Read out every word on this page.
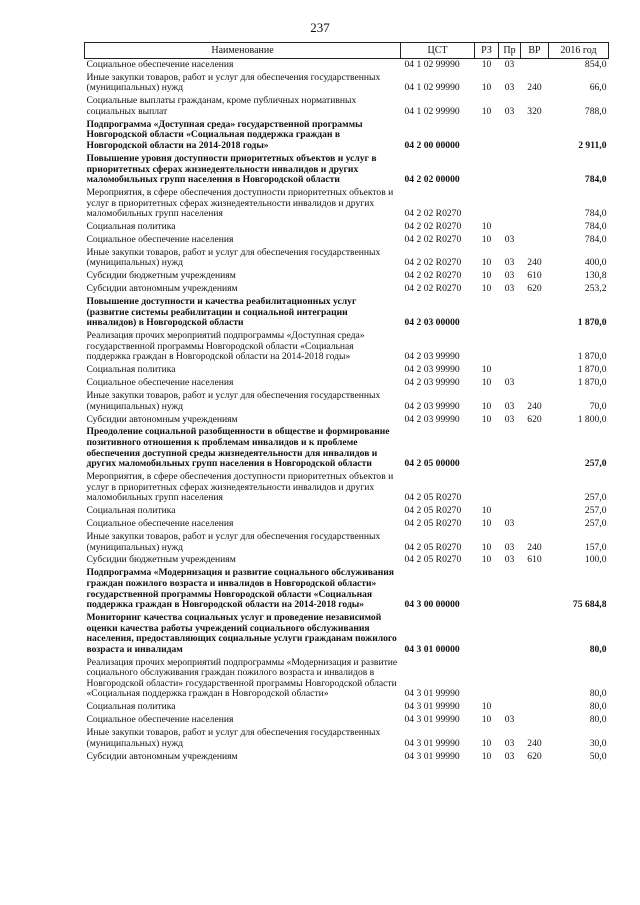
237
Наименование	ЦСТ	РЗ	Пр	ВР	2016 год
Социальное обеспечение населения	04 1 02 99990	10	03		854,0
Иные закупки товаров, работ и услуг для обеспечения государственных (муниципальных) нужд	04 1 02 99990	10	03	240	66,0
Социальные выплаты гражданам, кроме публичных нормативных социальных выплат	04 1 02 99990	10	03	320	788,0
Подпрограмма «Доступная среда» государственной программы Новгородской области «Социальная поддержка граждан в Новгородской области на 2014-2018 годы»	04 2 00 00000				2 911,0
Повышение уровня доступности приоритетных объектов и услуг в приоритетных сферах жизнедеятельности инвалидов и других маломобильных групп населения в Новгородской области	04 2 02 00000				784,0
Мероприятия, в сфере обеспечения доступности приоритетных объектов и услуг в приоритетных сферах жизнедеятельности инвалидов и других маломобильных групп населения	04 2 02 R0270				784,0
Социальная политика	04 2 02 R0270	10			784,0
Социальное обеспечение населения	04 2 02 R0270	10	03		784,0
Иные закупки товаров, работ и услуг для обеспечения государственных (муниципальных) нужд	04 2 02 R0270	10	03	240	400,0
Субсидии бюджетным учреждениям	04 2 02 R0270	10	03	610	130,8
Субсидии автономным учреждениям	04 2 02 R0270	10	03	620	253,2
Повышение доступности и качества реабилитационных услуг (развитие системы реабилитации и социальной интеграции инвалидов) в Новгородской области	04 2 03 00000				1 870,0
Реализация прочих мероприятий подпрограммы «Доступная среда» государственной программы Новгородской области «Социальная поддержка граждан в Новгородской области на 2014-2018 годы»	04 2 03 99990				1 870,0
Социальная политика	04 2 03 99990	10			1 870,0
Социальное обеспечение населения	04 2 03 99990	10	03		1 870,0
Иные закупки товаров, работ и услуг для обеспечения государственных (муниципальных) нужд	04 2 03 99990	10	03	240	70,0
Субсидии автономным учреждениям	04 2 03 99990	10	03	620	1 800,0
Преодоление социальной разобщенности в обществе и формирование позитивного отношения к проблемам инвалидов и к проблеме обеспечения доступной среды жизнедеятельности для инвалидов и других маломобильных групп населения в Новгородской области	04 2 05 00000				257,0
Мероприятия, в сфере обеспечения доступности приоритетных объектов и услуг в приоритетных сферах жизнедеятельности инвалидов и других маломобильных групп населения	04 2 05 R0270				257,0
Социальная политика	04 2 05 R0270	10			257,0
Социальное обеспечение населения	04 2 05 R0270	10	03		257,0
Иные закупки товаров, работ и услуг для обеспечения государственных (муниципальных) нужд	04 2 05 R0270	10	03	240	157,0
Субсидии бюджетным учреждениям	04 2 05 R0270	10	03	610	100,0
Подпрограмма «Модернизация и развитие социального обслуживания граждан пожилого возраста и инвалидов в Новгородской области» государственной программы Новгородской области «Социальная поддержка граждан в Новгородской области на 2014-2018 годы»	04 3 00 00000				75 684,8
Мониторинг качества социальных услуг и проведение независимой оценки качества работы учреждений социального обслуживания населения, предоставляющих социальные услуги гражданам пожилого возраста и инвалидам	04 3 01 00000				80,0
Реализация прочих мероприятий подпрограммы «Модернизация и развитие социального обслуживания граждан пожилого возраста и инвалидов в Новгородской области» государственной программы Новгородской области «Социальная поддержка граждан в Новгородской области»	04 3 01 99990				80,0
Социальная политика	04 3 01 99990	10			80,0
Социальное обеспечение населения	04 3 01 99990	10	03		80,0
Иные закупки товаров, работ и услуг для обеспечения государственных (муниципальных) нужд	04 3 01 99990	10	03	240	30,0
Субсидии автономным учреждениям	04 3 01 99990	10	03	620	50,0
